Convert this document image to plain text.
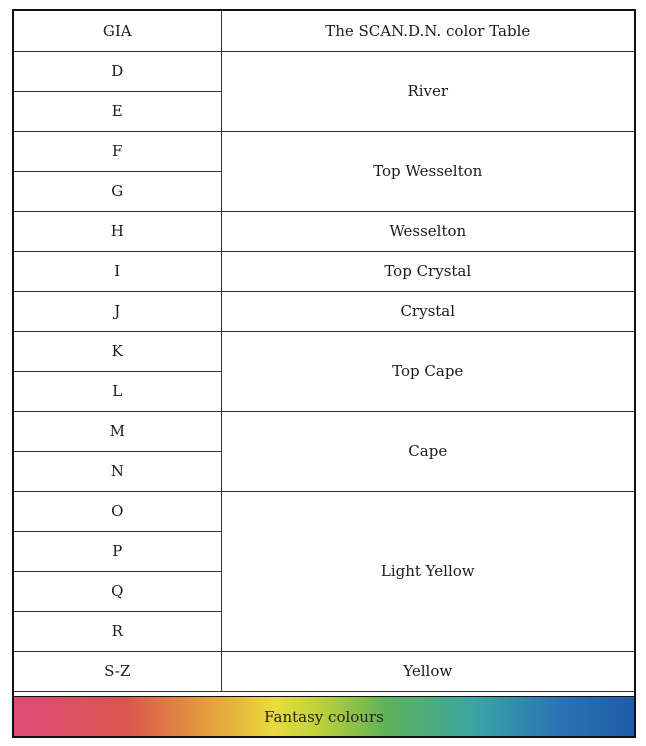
GIA	The SCAN.D.N. color Table
D	River
E	
F	Top Wesselton
G	
H	Wesselton
I	Top Crystal
J	Crystal
K	Top Cape
L	
M	Cape
N	
O	Light Yellow
P	
Q	
R	
S-Z	Yellow
Fantasy colours
